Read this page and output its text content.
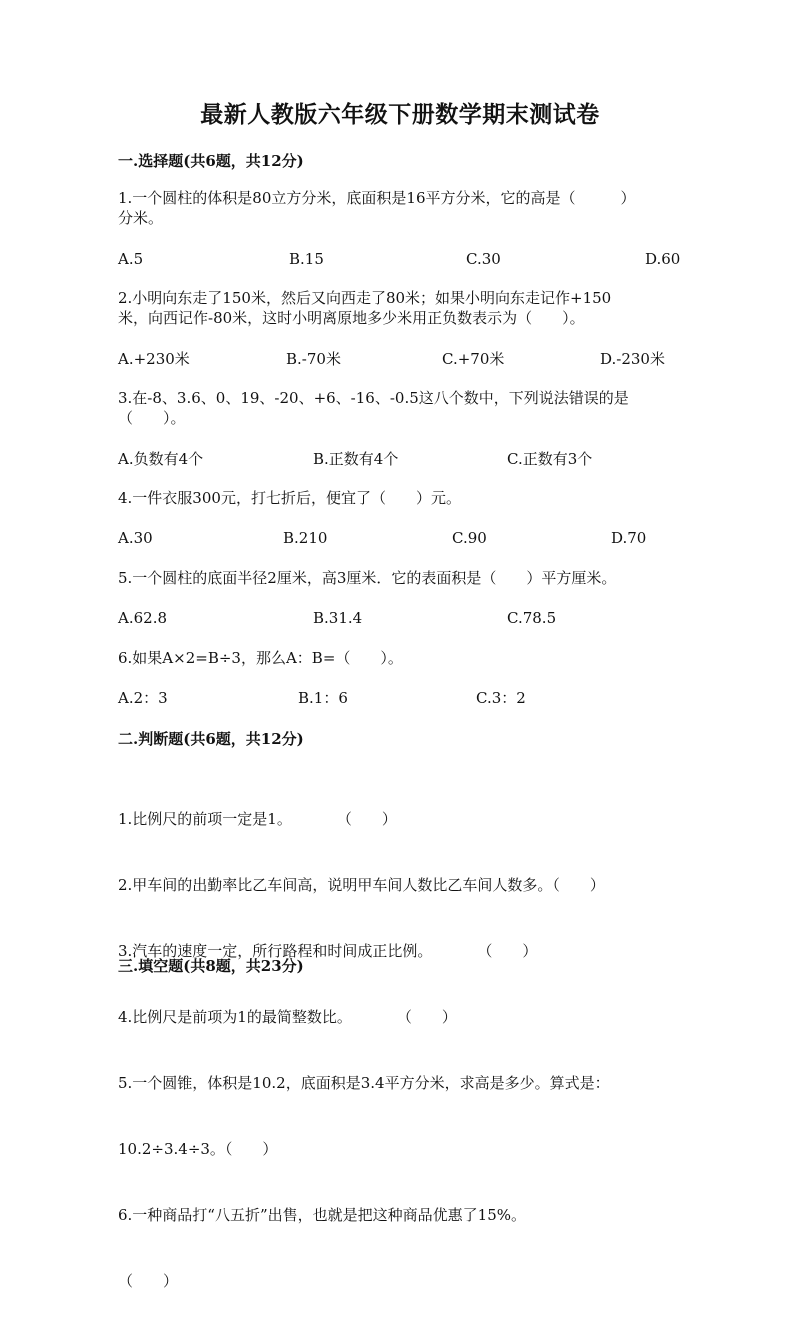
最新人教版六年级下册数学期末测试卷
一.选择题(共6题，共12分)
1.一个圆柱的体积是80立方分米，底面积是16平方分米，它的高是（　　　）
分米。
A.5	B.15	C.30	D.60
2.小明向东走了150米，然后又向西走了80米；如果小明向东走记作+150
米，向西记作-80米，这时小明离原地多少米用正负数表示为（　　）。
A.+230米	B.-70米	C.+70米	D.-230米
3.在-8、3.6、0、19、-20、+6、-16、-0.5这八个数中，下列说法错误的是
（　　）。
A.负数有4个	B.正数有4个	C.正数有3个
4.一件衣服300元，打七折后，便宜了（　　）元。
A.30	B.210	C.90	D.70
5.一个圆柱的底面半径2厘米，高3厘米．它的表面积是（　　）平方厘米。
A.62.8	B.31.4	C.78.5
6.如果A×2=B÷3，那么A：B=（　　）。
A.2：3	B.1：6	C.3：2
二.判断题(共6题，共12分)

1.比例尺的前项一定是1。　　　　（　　）

2.甲车间的出勤率比乙车间高，说明甲车间人数比乙车间人数多。（　　）

3.汽车的速度一定，所行路程和时间成正比例。　　　　（　　）

4.比例尺是前项为1的最简整数比。　　　　（　　）

5.一个圆锥，体积是10.2，底面积是3.4平方分米，求高是多少。算式是：

10.2÷3.4÷3。（　　）

6.一种商品打“八五折”出售，也就是把这种商品优惠了15%。

（　　）

三.填空题(共8题，共23分)
